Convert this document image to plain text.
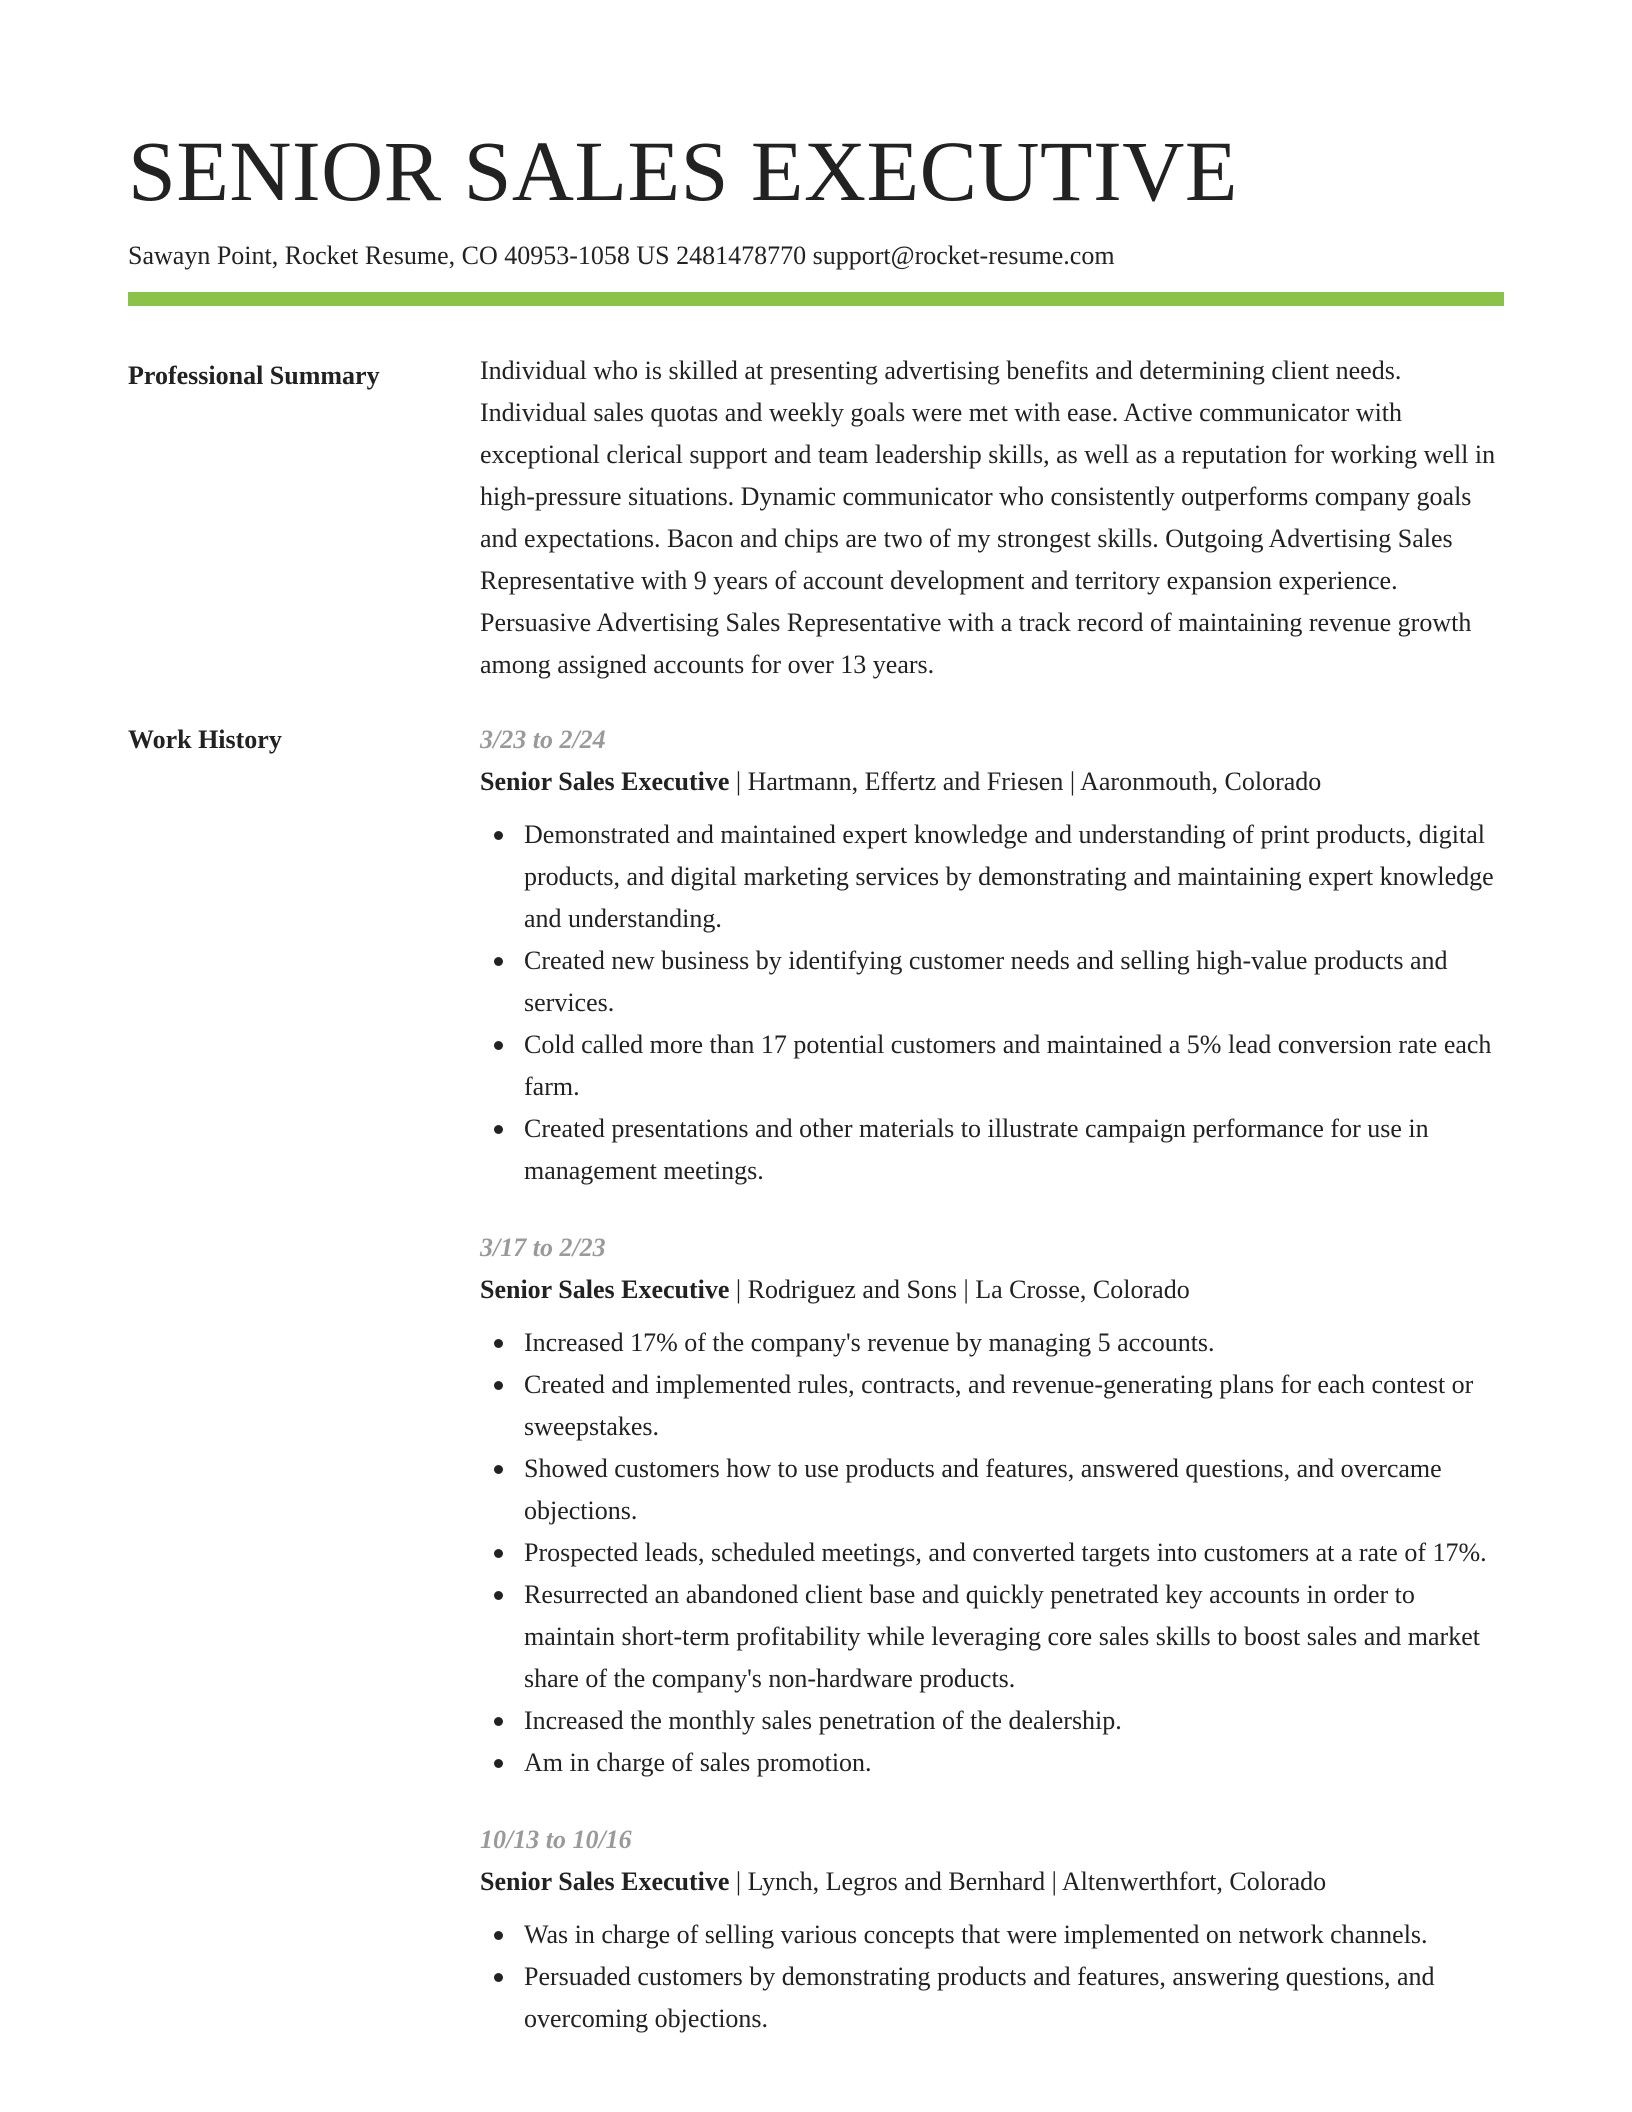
SENIOR SALES EXECUTIVE
Sawayn Point, Rocket Resume, CO 40953-1058 US 2481478770 support@rocket-resume.com
Professional Summary	Individual who is skilled at presenting advertising benefits and determining client needs. Individual sales quotas and weekly goals were met with ease. Active communicator with exceptional clerical support and team leadership skills, as well as a reputation for working well in high-pressure situations. Dynamic communicator who consistently outperforms company goals and expectations. Bacon and chips are two of my strongest skills. Outgoing Advertising Sales Representative with 9 years of account development and territory expansion experience. Persuasive Advertising Sales Representative with a track record of maintaining revenue growth among assigned accounts for over 13 years.

Work History	3/23 to 2/24
Senior Sales Executive | Hartmann, Effertz and Friesen | Aaronmouth, Colorado
Demonstrated and maintained expert knowledge and understanding of print products, digital products, and digital marketing services by demonstrating and maintaining expert knowledge and understanding.
Created new business by identifying customer needs and selling high-value products and services.
Cold called more than 17 potential customers and maintained a 5% lead conversion rate each farm.
Created presentations and other materials to illustrate campaign performance for use in management meetings.
3/17 to 2/23
Senior Sales Executive | Rodriguez and Sons | La Crosse, Colorado
Increased 17% of the company's revenue by managing 5 accounts.
Created and implemented rules, contracts, and revenue-generating plans for each contest or sweepstakes.
Showed customers how to use products and features, answered questions, and overcame objections.
Prospected leads, scheduled meetings, and converted targets into customers at a rate of 17%.
Resurrected an abandoned client base and quickly penetrated key accounts in order to maintain short-term profitability while leveraging core sales skills to boost sales and market share of the company's non-hardware products.
Increased the monthly sales penetration of the dealership.
Am in charge of sales promotion.
10/13 to 10/16
Senior Sales Executive | Lynch, Legros and Bernhard | Altenwerthfort, Colorado
Was in charge of selling various concepts that were implemented on network channels.
Persuaded customers by demonstrating products and features, answering questions, and overcoming objections.
